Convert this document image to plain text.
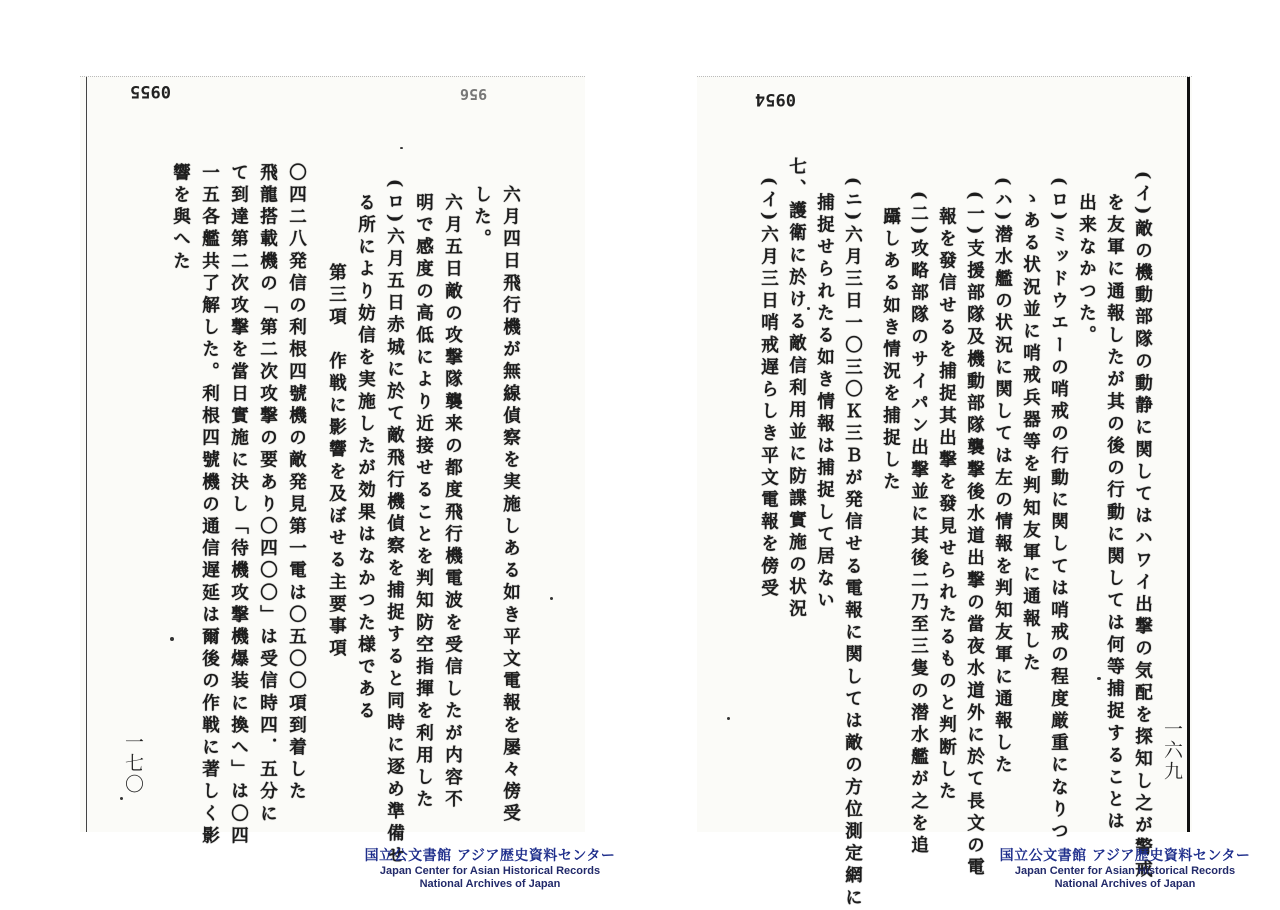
0955	956
一七〇	六月四日飛行機が無線偵察を実施しある如き平文電報を屡々傍受
した。
六月五日敵の攻撃隊襲来の都度飛行機電波を受信したが内容不
明で感度の高低により近接せることを判知防空指揮を利用した
(ロ)六月五日赤城に於て敵飛行機偵察を捕捉すると同時に逐め準備せ
る所により妨信を実施したが効果はなかつた様である
第三項　作戦に影響を及ぼせる主要事項
〇四二八発信の利根四號機の敵発見第一電は〇五〇〇項到着した
飛龍搭載機の「第二次攻撃の要あり〇四〇〇」は受信時四．五分に
て到達第二次攻撃を當日實施に決し「待機攻撃機爆装に換へ」は〇四
一五各艦共了解した。利根四號機の通信遅延は爾後の作戦に著しく影
響を與へた
0954
一六九
(イ)敵の機動部隊の動静に関してはハワイ出撃の気配を探知し之が警戒
を友軍に通報したが其の後の行動に関しては何等捕捉することは
出来なかつた。
(ロ)ミッドウエーの哨戒の行動に関しては哨戒の程度厳重になりつ
ゝある状況並に哨戒兵器等を判知友軍に通報した
(ハ)潜水艦の状況に関しては左の情報を判知友軍に通報した
(一)支援部隊及機動部隊襲撃後水道出撃の當夜水道外に於て長文の電
報を發信せるを捕捉其出撃を發見せられたるものと判断した
(二)攻略部隊のサイパン出撃並に其後二乃至三隻の潜水艦が之を追
躡しある如き情況を捕捉した
(ニ)六月三日一〇三〇Ｋ三Ｂが発信せる電報に関しては敵の方位測定網に
捕捉せられたる如き情報は捕捉して居ない
七、護衛に於ける敵信利用並に防諜實施の状況
(イ)六月三日哨戒遅らしき平文電報を傍受
国立公文書館 アジア歴史資料センター
Japan Center for Asian Historical Records
National Archives of Japan
国立公文書館 アジア歴史資料センター
Japan Center for Asian Historical Records
National Archives of Japan
